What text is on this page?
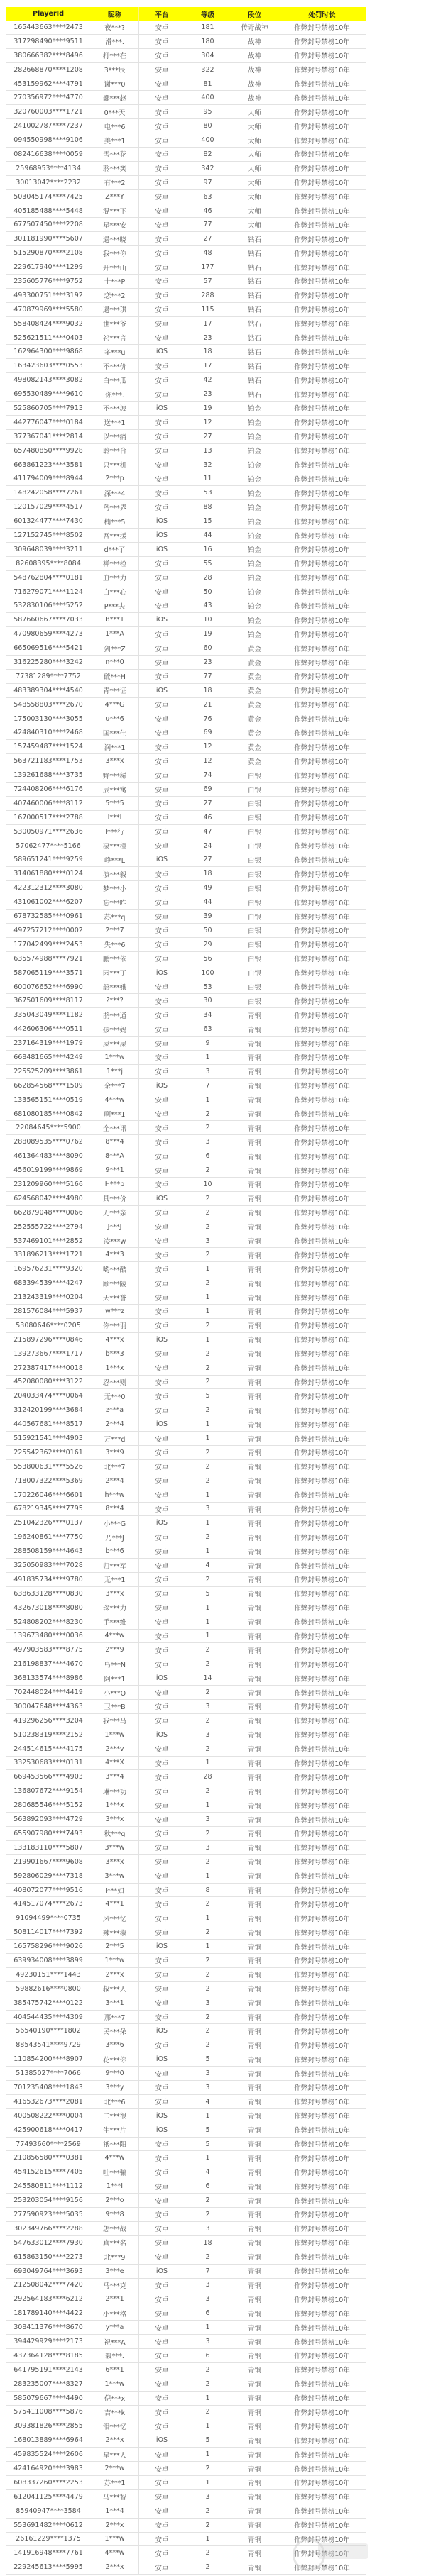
PlayerId	昵称	平台	等级	段位	处罚时长
165443663****2473	夜***?	安卓	181	传奇战神	作弊封号禁榜10年
317298490****9511	滑***.	安卓	180	战神	作弊封号禁榜10年
380666382****8496	打***在	安卓	304	战神	作弊封号禁榜10年
282668870****1208	3***辰	安卓	322	战神	作弊封号禁榜10年
453159962****4791	谢***0	安卓	81	战神	作弊封号禁榜10年
270356972****4770	鄙***赵	安卓	400	战神	作弊封号禁榜10年
320760003****1721	0***天	安卓	95	大师	作弊封号禁榜10年
241002787****7237	电***6	安卓	80	大师	作弊封号禁榜10年
094550998****9106	美***1	安卓	400	大师	作弊封号禁榜10年
082416638****0059	雪***花	安卓	82	大师	作弊封号禁榜10年
25968953****4134	聆***笑	安卓	342	大师	作弊封号禁榜10年
30013042****2232	有***2	安卓	97	大师	作弊封号禁榜10年
503045174****7425	Z***Y	安卓	63	大师	作弊封号禁榜10年
405185488****5448	混***下	安卓	46	大师	作弊封号禁榜10年
677507450****2208	星***安	安卓	77	大师	作弊封号禁榜10年
301181990****5607	遇***晓	安卓	27	钻石	作弊封号禁榜10年
515290870****2108	我***你	安卓	48	钻石	作弊封号禁榜10年
229617940****1299	开***山	安卓	177	钻石	作弊封号禁榜10年
235605776****9752	十***P	安卓	57	钻石	作弊封号禁榜10年
493300751****3192	恋***2	安卓	288	钻石	作弊封号禁榜10年
470879969****5580	遇***琪	安卓	115	钻石	作弊封号禁榜10年
558408424****9032	世***爷	安卓	17	钻石	作弊封号禁榜10年
525621511****0403	祁***言	安卓	23	钻石	作弊封号禁榜10年
162964300****9868	多***u	iOS	18	钻石	作弊封号禁榜10年
163423603****0553	不***价	安卓	17	钻石	作弊封号禁榜10年
498082143****3082	白***瓜	安卓	42	钻石	作弊封号禁榜10年
695530489****9610	你***.	安卓	23	钻石	作弊封号禁榜10年
525860705****7913	不***波	iOS	19	铂金	作弊封号禁榜10年
442776047****0184	送***1	安卓	12	铂金	作弊封号禁榜10年
377367041****2814	以***痛	安卓	27	铂金	作弊封号禁榜10年
657480850****9928	聆***台	安卓	13	铂金	作弊封号禁榜10年
663861223****3581	只***机	安卓	32	铂金	作弊封号禁榜10年
411794009****8944	2***p	安卓	11	铂金	作弊封号禁榜10年
148242058****7261	深***4	安卓	53	铂金	作弊封号禁榜10年
120157029****4517	鸟***界	安卓	88	铂金	作弊封号禁榜10年
601324477****7430	楠***5	iOS	15	铂金	作弊封号禁榜10年
127152745****8502	吾***援	iOS	44	铂金	作弊封号禁榜10年
309648039****3211	d***了	iOS	16	铂金	作弊封号禁榜10年
82608395****8084	禅***检	安卓	55	铂金	作弊封号禁榜10年
548762804****0181	血***力	安卓	28	铂金	作弊封号禁榜10年
716279071****1124	白***心	安卓	50	铂金	作弊封号禁榜10年
532830106****5252	P***夫	安卓	43	铂金	作弊封号禁榜10年
587660667****7033	B***1	iOS	10	铂金	作弊封号禁榜10年
470980659****4273	1***A	安卓	19	铂金	作弊封号禁榜10年
665069516****5421	剑***Z	安卓	60	黄金	作弊封号禁榜10年
316225280****3242	n***0	安卓	23	黄金	作弊封号禁榜10年
77381289****7752	硫***H	安卓	77	黄金	作弊封号禁榜10年
483389304****4540	青***证	iOS	18	黄金	作弊封号禁榜10年
548558803****2670	4***G	安卓	21	黄金	作弊封号禁榜10年
175003130****3055	u***6	安卓	76	黄金	作弊封号禁榜10年
424840310****2468	国***仕	安卓	69	黄金	作弊封号禁榜10年
157459487****1524	润***1	安卓	12	黄金	作弊封号禁榜10年
563721183****1753	3***x	安卓	12	黄金	作弊封号禁榜10年
139261688****3735	野***稀	安卓	74	白银	作弊封号禁榜10年
724408206****6176	辰***寓	安卓	69	白银	作弊封号禁榜10年
407460006****8112	5***5	安卓	27	白银	作弊封号禁榜10年
167000517****2788	I***I	安卓	46	白银	作弊封号禁榜10年
530050971****2636	I***行	安卓	47	白银	作弊封号禁榜10年
57062477****5166	凄***橙	安卓	24	白银	作弊封号禁榜10年
589651241****9259	峥***L	iOS	27	白银	作弊封号禁榜10年
314061880****0124	演***毅	安卓	18	白银	作弊封号禁榜10年
422312312****3080	梦***小	安卓	49	白银	作弊封号禁榜10年
431061002****6207	忘***咋	安卓	44	白银	作弊封号禁榜10年
678732585****0961	苏***q	安卓	39	白银	作弊封号禁榜10年
497257212****0002	2***7	安卓	50	白银	作弊封号禁榜10年
177042499****2453	失***6	安卓	29	白银	作弊封号禁榜10年
635574988****7921	鹏***依	安卓	56	白银	作弊封号禁榜10年
587065119****3571	园***丁	iOS	100	白银	作弊封号禁榜10年
600076652****6990	韶***娥	安卓	53	白银	作弊封号禁榜10年
367501609****8117	?***?	安卓	30	白银	作弊封号禁榜10年
335043049****1182	鹊***通	安卓	34	青铜	作弊封号禁榜10年
442606306****0511	孩***妈	安卓	63	青铜	作弊封号禁榜10年
237164319****1979	屎***屎	安卓	9	青铜	作弊封号禁榜10年
668481665****4249	1***w	安卓	1	青铜	作弊封号禁榜10年
225525209****3861	1***j	安卓	3	青铜	作弊封号禁榜10年
662854568****1509	余***7	iOS	7	青铜	作弊封号禁榜10年
133565151****0519	4***w	安卓	1	青铜	作弊封号禁榜10年
681080185****0842	啊***1	安卓	2	青铜	作弊封号禁榜10年
22084645****5900	全***讯	安卓	2	青铜	作弊封号禁榜10年
288089535****0762	8***4	安卓	3	青铜	作弊封号禁榜10年
461364483****8090	8***A	安卓	6	青铜	作弊封号禁榜10年
456019199****9869	9***1	安卓	2	青铜	作弊封号禁榜10年
231209960****5166	H***p	安卓	10	青铜	作弊封号禁榜10年
624568042****4980	具***价	iOS	2	青铜	作弊封号禁榜10年
662879048****0066	无***亲	安卓	2	青铜	作弊封号禁榜10年
252555722****2794	J***J	安卓	2	青铜	作弊封号禁榜10年
537469101****2852	凌***w	安卓	3	青铜	作弊封号禁榜10年
331896213****1721	4***3	安卓	2	青铜	作弊封号禁榜10年
169576231****9320	哟***酷	安卓	1	青铜	作弊封号禁榜10年
683394539****4247	顾***陵	安卓	2	青铜	作弊封号禁榜10年
213243319****0204	天***誉	安卓	1	青铜	作弊封号禁榜10年
281576084****5937	w***z	安卓	1	青铜	作弊封号禁榜10年
53080646****0205	你***羽	安卓	2	青铜	作弊封号禁榜10年
215897296****0846	4***x	iOS	1	青铜	作弊封号禁榜10年
139273667****1717	b***3	安卓	2	青铜	作弊封号禁榜10年
272387417****0018	1***x	安卓	2	青铜	作弊封号禁榜10年
452080080****3122	忍***则	安卓	2	青铜	作弊封号禁榜10年
204033474****0064	无***0	安卓	5	青铜	作弊封号禁榜10年
312420199****3684	z***a	安卓	2	青铜	作弊封号禁榜10年
440567681****8517	2***4	iOS	1	青铜	作弊封号禁榜10年
515921541****4903	万***d	安卓	1	青铜	作弊封号禁榜10年
225542362****0161	3***9	安卓	2	青铜	作弊封号禁榜10年
553800631****5526	北***7	安卓	2	青铜	作弊封号禁榜10年
718007322****5369	2***4	安卓	2	青铜	作弊封号禁榜10年
170226046****6601	h***w	安卓	1	青铜	作弊封号禁榜10年
678219345****7795	8***4	安卓	3	青铜	作弊封号禁榜10年
251042326****0137	小***G	iOS	1	青铜	作弊封号禁榜10年
196240861****7750	乃***J	安卓	2	青铜	作弊封号禁榜10年
288508159****4643	b***6	安卓	1	青铜	作弊封号禁榜10年
325050983****7028	归***军	安卓	4	青铜	作弊封号禁榜10年
491835734****9780	无***1	安卓	2	青铜	作弊封号禁榜10年
638633128****0830	3***x	安卓	5	青铜	作弊封号禁榜10年
432673018****8080	琛***力	安卓	1	青铜	作弊封号禁榜10年
524808202****8230	手***维	安卓	1	青铜	作弊封号禁榜10年
139673480****0036	4***w	安卓	1	青铜	作弊封号禁榜10年
497903583****8775	2***9	安卓	2	青铜	作弊封号禁榜10年
216198837****4670	乌***N	安卓	2	青铜	作弊封号禁榜10年
368133574****8986	阿***1	iOS	14	青铜	作弊封号禁榜10年
702448024****4419	小***O	安卓	2	青铜	作弊封号禁榜10年
300047648****4363	卫***B	安卓	3	青铜	作弊封号禁榜10年
419296256****3204	我***马	安卓	2	青铜	作弊封号禁榜10年
510238319****2152	1***w	iOS	3	青铜	作弊封号禁榜10年
244514615****4175	2***v	安卓	2	青铜	作弊封号禁榜10年
332530683****0131	4***X	安卓	1	青铜	作弊封号禁榜10年
669453566****4903	3***4	安卓	28	青铜	作弊封号禁榜10年
136807672****9154	琳***功	安卓	2	青铜	作弊封号禁榜10年
280685546****5152	1***x	安卓	1	青铜	作弊封号禁榜10年
563892093****4729	3***x	安卓	3	青铜	作弊封号禁榜10年
655907980****7493	秋***g	安卓	2	青铜	作弊封号禁榜10年
133183110****5807	3***w	安卓	3	青铜	作弊封号禁榜10年
219901667****9608	3***x	安卓	2	青铜	作弊封号禁榜10年
592806029****7318	3***w	安卓	1	青铜	作弊封号禁榜10年
408072077****9516	I***如	安卓	8	青铜	作弊封号禁榜10年
414517074****2673	4***1	安卓	2	青铜	作弊封号禁榜10年
91094499****0735	风***忆	安卓	1	青铜	作弊封号禁榜10年
508114017****7392	辣***椒	安卓	2	青铜	作弊封号禁榜10年
165758296****9026	2***5	iOS	1	青铜	作弊封号禁榜10年
639934008****3899	1***w	安卓	2	青铜	作弊封号禁榜10年
49230151****1443	2***x	安卓	2	青铜	作弊封号禁榜10年
59882616****0800	叔***人	安卓	2	青铜	作弊封号禁榜10年
385475742****0122	3***1	安卓	3	青铜	作弊封号禁榜10年
404544435****4309	那***7	安卓	2	青铜	作弊封号禁榜10年
56540190****1802	民***朵	iOS	2	青铜	作弊封号禁榜10年
88543541****9729	3***6	安卓	2	青铜	作弊封号禁榜10年
110854200****8907	花***你	iOS	5	青铜	作弊封号禁榜10年
51385027****7066	9***0	安卓	3	青铜	作弊封号禁榜10年
701235408****1843	3***y	安卓	3	青铜	作弊封号禁榜10年
416532673****2081	北***6	安卓	4	青铜	作弊封号禁榜10年
400508222****0004	二***很	iOS	1	青铜	作弊封号禁榜10年
425900618****0417	生***片	iOS	5	青铜	作弊封号禁榜10年
77493660****2569	祇***阳	安卓	5	青铜	作弊封号禁榜10年
210856580****0381	4***w	安卓	1	青铜	作弊封号禁榜10年
454152615****7405	吐***骗	安卓	4	青铜	作弊封号禁榜10年
245580811****1112	1***I	安卓	6	青铜	作弊封号禁榜10年
253203054****9156	2***o	安卓	2	青铜	作弊封号禁榜10年
277590923****5035	9***8	安卓	2	青铜	作弊封号禁榜10年
302349766****2288	怎***战	安卓	3	青铜	作弊封号禁榜10年
547633012****7930	真***名	安卓	18	青铜	作弊封号禁榜10年
615863150****2273	北***9	安卓	2	青铜	作弊封号禁榜10年
693049764****3693	3***e	iOS	7	青铜	作弊封号禁榜10年
212508042****7420	马***克	安卓	3	青铜	作弊封号禁榜10年
292564183****6212	2***1	安卓	3	青铜	作弊封号禁榜10年
181789140****4422	小***格	安卓	6	青铜	作弊封号禁榜10年
308411376****8670	y***a	安卓	1	青铜	作弊封号禁榜10年
394429929****2173	祝***A	安卓	3	青铜	作弊封号禁榜10年
437364128****8185	毅***.	安卓	6	青铜	作弊封号禁榜10年
641795191****2143	6***1	安卓	2	青铜	作弊封号禁榜10年
283235007****8327	1***w	安卓	2	青铜	作弊封号禁榜10年
585079667****4490	倪***x	安卓	1	青铜	作弊封号禁榜10年
575411008****5876	吉***k	安卓	2	青铜	作弊封号禁榜10年
309381826****2855	泪***忆	安卓	1	青铜	作弊封号禁榜10年
168013889****6964	2***x	iOS	5	青铜	作弊封号禁榜10年
459835524****2606	星***人	安卓	1	青铜	作弊封号禁榜10年
424164920****3983	2***w	安卓	2	青铜	作弊封号禁榜10年
608337260****2253	苏***1	安卓	1	青铜	作弊封号禁榜10年
612041125****4479	马***智	安卓	3	青铜	作弊封号禁榜10年
85940947****3584	1***4	安卓	2	青铜	作弊封号禁榜10年
553691482****0612	2***x	安卓	2	青铜	作弊封号禁榜10年
26161229****1375	1***w	安卓	1	青铜	作弊封号禁榜10年
141916948****7761	4***w	安卓	2	青铜	作弊封号禁榜10年
229245613****5995	2***x	安卓	2	青铜	作弊封号禁榜10年
